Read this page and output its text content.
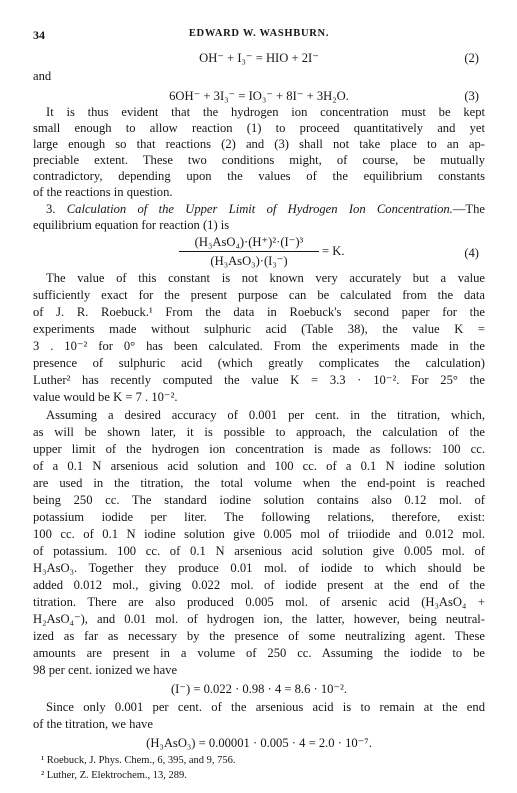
34	EDWARD W. WASHBURN.
OH⁻ + I₃⁻ = HIO + 2I⁻	(2)
and
6OH⁻ + 3I₃⁻ = IO₃⁻ + 8I⁻ + 3H₂O.	(3)
It is thus evident that the hydrogen ion concentration must be kept
small enough to allow reaction (1) to proceed quantitatively and yet
large enough so that reactions (2) and (3) shall not take place to an ap-
preciable extent. These two conditions might, of course, be mutually
contradictory, depending upon the values of the equilibrium constants
of the reactions in question.
3. Calculation of the Upper Limit of Hydrogen Ion Concentration.—The
equilibrium equation for reaction (1) is
(H₃AsO₄)·(H⁺)²·(I⁻)³
(H₃AsO₃)·(I₃⁻)
= K.	(4)
The value of this constant is not known very accurately but a value
sufficiently exact for the present purpose can be calculated from the data
of J. R. Roebuck.¹ From the data in Roebuck's second paper for the
experiments made without sulphuric acid (Table 38), the value K =
3 . 10⁻² for 0° has been calculated. From the experiments made in the
presence of sulphuric acid (which greatly complicates the calculation)
Luther² has recently computed the value K = 3.3 · 10⁻². For 25° the
value would be K = 7 . 10⁻².
Assuming a desired accuracy of 0.001 per cent. in the titration, which,
as will be shown later, it is possible to approach, the calculation of the
upper limit of the hydrogen ion concentration is made as follows: 100 cc.
of a 0.1 N arsenious acid solution and 100 cc. of a 0.1 N iodine solution
are used in the titration, the total volume when the end-point is reached
being 250 cc. The standard iodine solution contains also 0.12 mol. of
potassium iodide per liter. The following relations, therefore, exist:
100 cc. of 0.1 N iodine solution give 0.005 mol of triiodide and 0.012 mol.
of potassium. 100 cc. of 0.1 N arsenious acid solution give 0.005 mol. of
H₃AsO₃. Together they produce 0.01 mol. of iodide to which should be
added 0.012 mol., giving 0.022 mol. of iodide present at the end of the
titration. There are also produced 0.005 mol. of arsenic acid (H₃AsO₄ +
H₂AsO₄⁻), and 0.01 mol. of hydrogen ion, the latter, however, being neutral-
ized as far as necessary by the presence of some neutralizing agent. These
amounts are present in a volume of 250 cc. Assuming the iodide to be
98 per cent. ionized we have
(I⁻) = 0.022 · 0.98 · 4 = 8.6 · 10⁻².
Since only 0.001 per cent. of the arsenious acid is to remain at the end
of the titration, we have
(H₃AsO₃) = 0.00001 · 0.005 · 4 = 2.0 · 10⁻⁷.
¹ Roebuck, J. Phys. Chem., 6, 395, and 9, 756.
² Luther, Z. Elektrochem., 13, 289.
